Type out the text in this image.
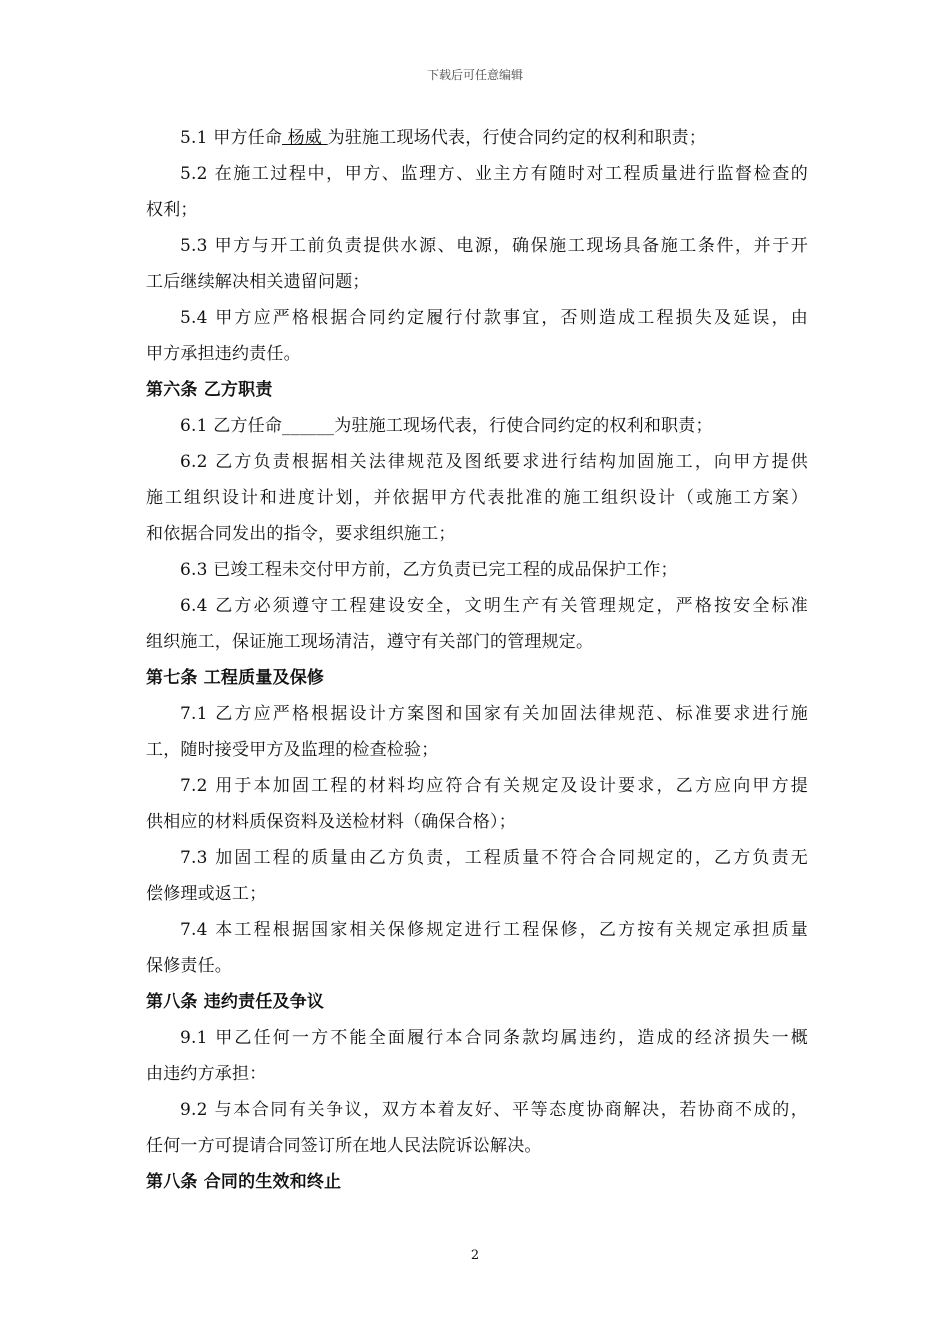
下载后可任意编辑
5.1 甲方任命 杨威 为驻施工现场代表，行使合同约定的权利和职责；
5.2 在施工过程中，甲方、监理方、业主方有随时对工程质量进行监督检查的
权利；
5.3 甲方与开工前负责提供水源、电源，确保施工现场具备施工条件，并于开
工后继续解决相关遗留问题；
5.4 甲方应严格根据合同约定履行付款事宜，否则造成工程损失及延误，由
甲方承担违约责任。
第六条 乙方职责
6.1 乙方任命______为驻施工现场代表，行使合同约定的权利和职责；
6.2 乙方负责根据相关法律规范及图纸要求进行结构加固施工，向甲方提供
施工组织设计和进度计划，并依据甲方代表批准的施工组织设计（或施工方案）
和依据合同发出的指令，要求组织施工；
6.3 已竣工程未交付甲方前，乙方负责已完工程的成品保护工作；
6.4 乙方必须遵守工程建设安全，文明生产有关管理规定，严格按安全标准
组织施工，保证施工现场清洁，遵守有关部门的管理规定。
第七条 工程质量及保修
7.1 乙方应严格根据设计方案图和国家有关加固法律规范、标准要求进行施
工，随时接受甲方及监理的检查检验；
7.2 用于本加固工程的材料均应符合有关规定及设计要求，乙方应向甲方提
供相应的材料质保资料及送检材料（确保合格）；
7.3 加固工程的质量由乙方负责，工程质量不符合合同规定的，乙方负责无
偿修理或返工；
7.4 本工程根据国家相关保修规定进行工程保修，乙方按有关规定承担质量
保修责任。
第八条 违约责任及争议
9.1 甲乙任何一方不能全面履行本合同条款均属违约，造成的经济损失一概
由违约方承担：
9.2 与本合同有关争议，双方本着友好、平等态度协商解决，若协商不成的，
任何一方可提请合同签订所在地人民法院诉讼解决。
第八条 合同的生效和终止
2
